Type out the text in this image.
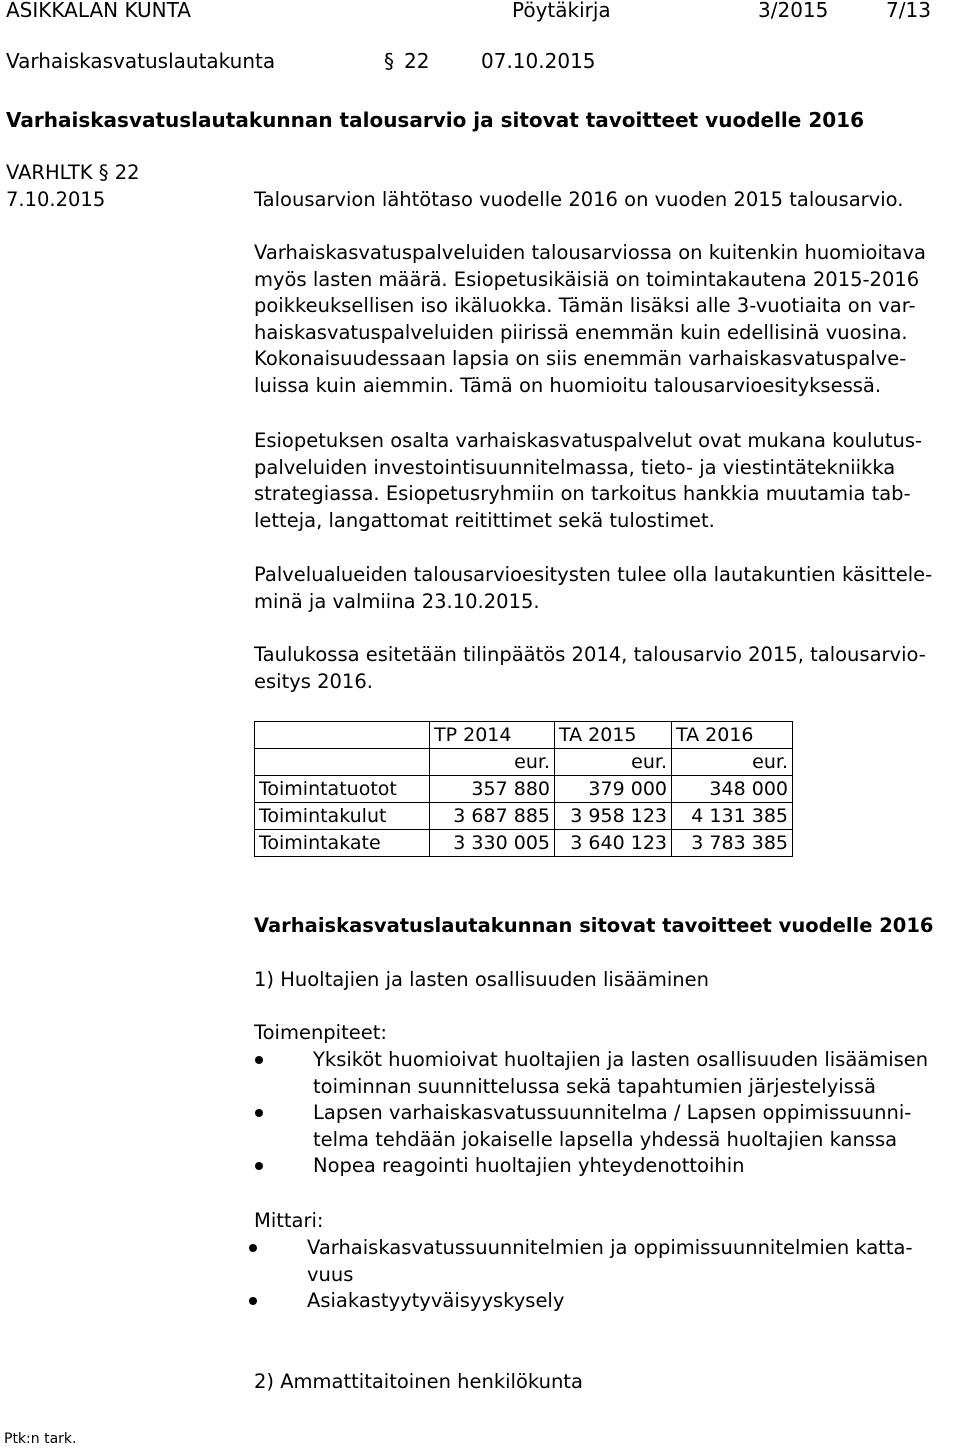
ASIKKALAN KUNTA	Pöytäkirja	3/2015	7/13
Varhaiskasvatuslautakunta	§ 22	07.10.2015
Varhaiskasvatuslautakunnan talousarvio ja sitovat tavoitteet vuodelle 2016
VARHLTK § 22
7.10.2015	Talousarvion lähtötaso vuodelle 2016 on vuoden 2015 talousarvio.
Varhaiskasvatuspalveluiden talousarviossa on kuitenkin huomioitava
myös lasten määrä. Esiopetusikäisiä on toimintakautena 2015-2016
poikkeuksellisen iso ikäluokka. Tämän lisäksi alle 3-vuotiaita on var-
haiskasvatuspalveluiden piirissä enemmän kuin edellisinä vuosina.
Kokonaisuudessaan lapsia on siis enemmän varhaiskasvatuspalve-
luissa kuin aiemmin. Tämä on huomioitu talousarvioesityksessä.
Esiopetuksen osalta varhaiskasvatuspalvelut ovat mukana koulutus-
palveluiden investointisuunnitelmassa, tieto- ja viestintätekniikka
strategiassa. Esiopetusryhmiin on tarkoitus hankkia muutamia tab-
letteja, langattomat reitittimet sekä tulostimet.
Palvelualueiden talousarvioesitysten tulee olla lautakuntien käsittele-
minä ja valmiina 23.10.2015.
Taulukossa esitetään tilinpäätös 2014, talousarvio 2015, talousarvio-
esitys 2016.
	TP 2014	TA 2015	TA 2016
	eur.	eur.	eur.
Toimintatuotot	357 880	379 000	348 000
Toimintakulut	3 687 885	3 958 123	4 131 385
Toimintakate	3 330 005	3 640 123	3 783 385
Varhaiskasvatuslautakunnan sitovat tavoitteet vuodelle 2016
1) Huoltajien ja lasten osallisuuden lisääminen
Toimenpiteet:
Yksiköt huomioivat huoltajien ja lasten osallisuuden lisäämisen
toiminnan suunnittelussa sekä tapahtumien järjestelyissä
Lapsen varhaiskasvatussuunnitelma / Lapsen oppimissuunni-
telma tehdään jokaiselle lapsella yhdessä huoltajien kanssa
Nopea reagointi huoltajien yhteydenottoihin
Mittari:
Varhaiskasvatussuunnitelmien ja oppimissuunnitelmien katta-
vuus
Asiakastyytyväisyyskysely
2) Ammattitaitoinen henkilökunta
Ptk:n tark.
